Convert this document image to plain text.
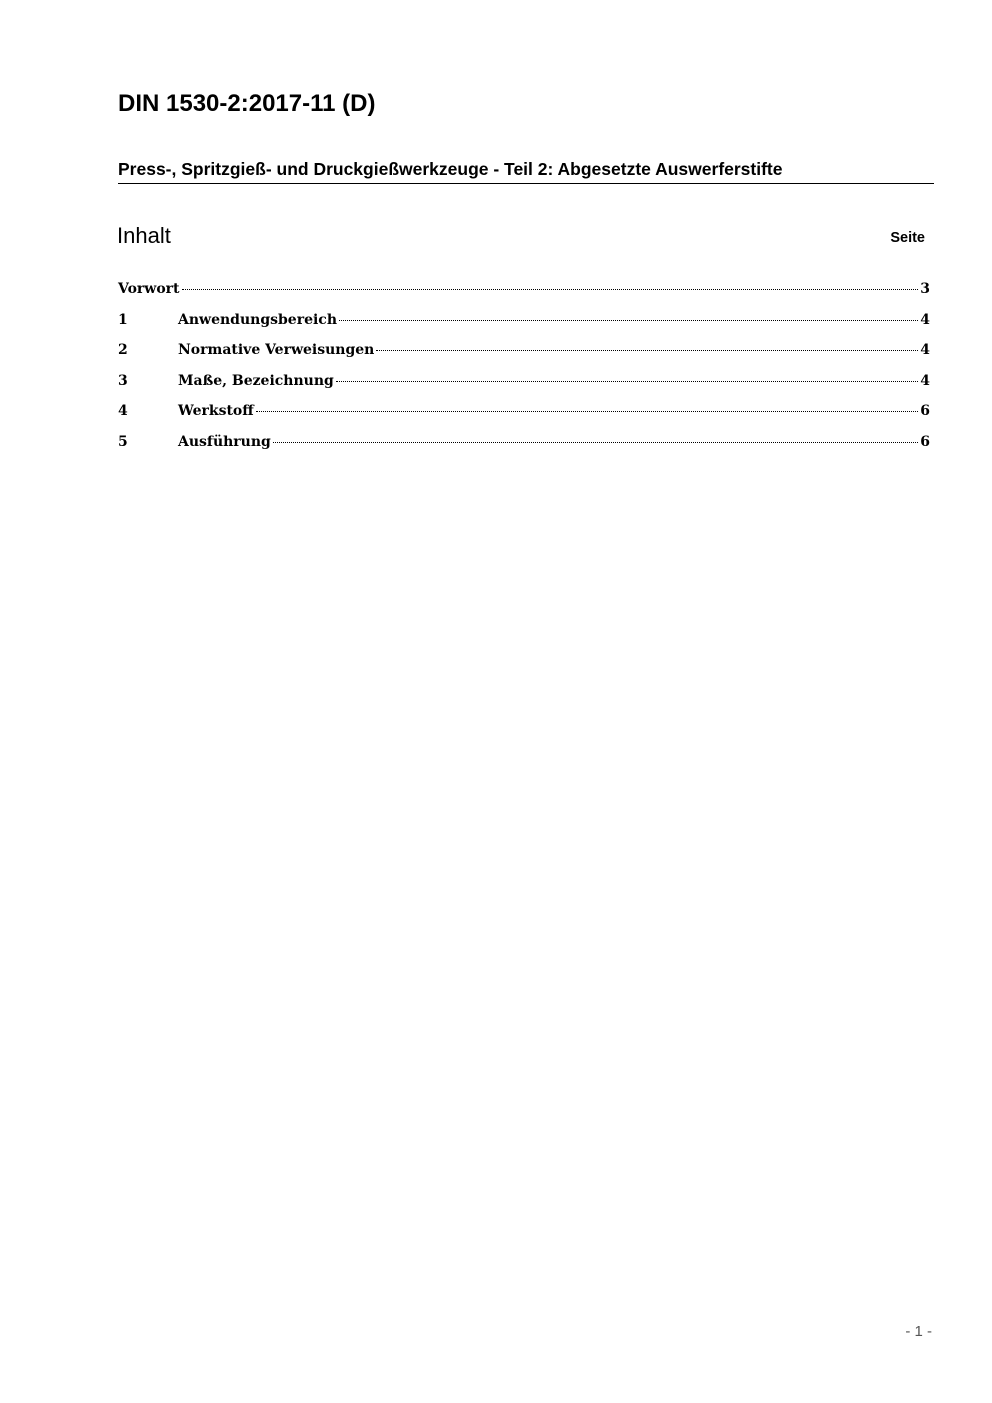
DIN 1530-2:2017-11 (D)
Press-, Spritzgieß- und Druckgießwerkzeuge - Teil 2: Abgesetzte Auswerferstifte
Inhalt	Seite
Vorwort	3
1	Anwendungsbereich	4
2	Normative Verweisungen	4
3	Maße, Bezeichnung	4
4	Werkstoff	6
5	Ausführung	6
- 1 -
